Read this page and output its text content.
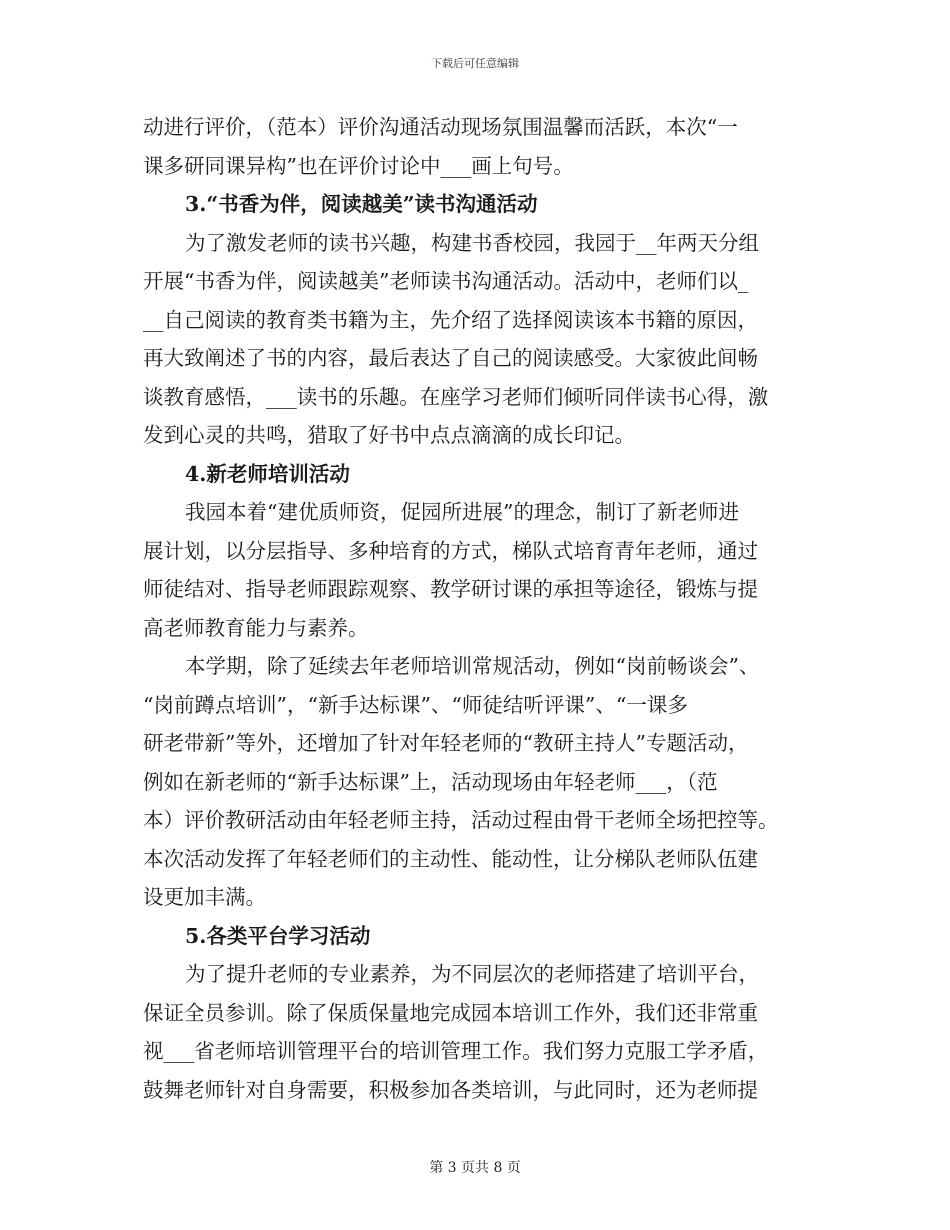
下载后可任意编辑
动进行评价，（范本）评价沟通活动现场氛围温馨而活跃，本次“一
课多研同课异构”也在评价讨论中___画上句号。
3.“书香为伴，阅读越美”读书沟通活动
为了激发老师的读书兴趣，构建书香校园，我园于__年两天分组
开展“书香为伴，阅读越美”老师读书沟通活动。活动中，老师们以_
__自己阅读的教育类书籍为主，先介绍了选择阅读该本书籍的原因，
再大致阐述了书的内容，最后表达了自己的阅读感受。大家彼此间畅
谈教育感悟，___读书的乐趣。在座学习老师们倾听同伴读书心得，激
发到心灵的共鸣，猎取了好书中点点滴滴的成长印记。
4.新老师培训活动
我园本着“建优质师资，促园所进展”的理念，制订了新老师进
展计划，以分层指导、多种培育的方式，梯队式培育青年老师，通过
师徒结对、指导老师跟踪观察、教学研讨课的承担等途径，锻炼与提
高老师教育能力与素养。
本学期，除了延续去年老师培训常规活动，例如“岗前畅谈会”、
“岗前蹲点培训”，“新手达标课”、“师徒结听评课”、“一课多
研老带新”等外，还增加了针对年轻老师的“教研主持人”专题活动，
例如在新老师的“新手达标课”上，活动现场由年轻老师___，（范
本）评价教研活动由年轻老师主持，活动过程由骨干老师全场把控等。
本次活动发挥了年轻老师们的主动性、能动性，让分梯队老师队伍建
设更加丰满。
5.各类平台学习活动
为了提升老师的专业素养，为不同层次的老师搭建了培训平台，
保证全员参训。除了保质保量地完成园本培训工作外，我们还非常重
视___省老师培训管理平台的培训管理工作。我们努力克服工学矛盾，
鼓舞老师针对自身需要，积极参加各类培训，与此同时，还为老师提
第 3 页共 8 页
